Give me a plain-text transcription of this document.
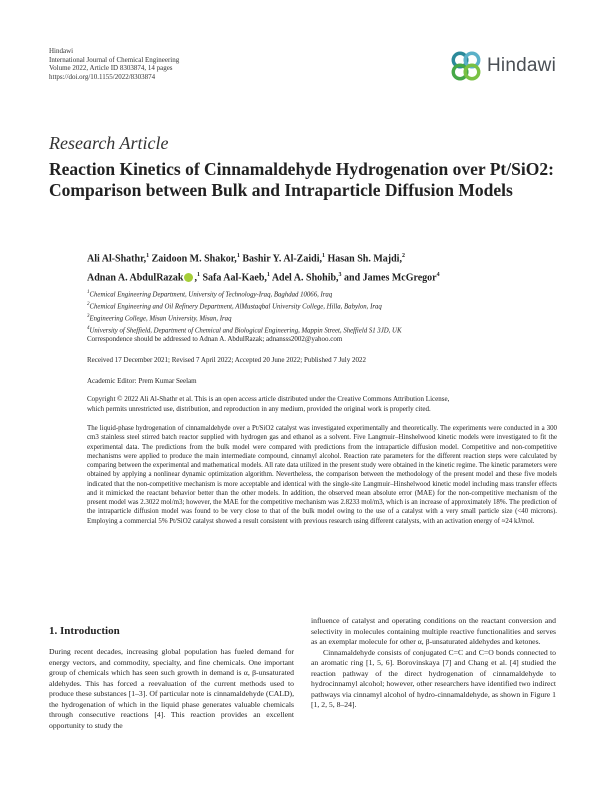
Hindawi
International Journal of Chemical Engineering
Volume 2022, Article ID 8303874, 14 pages
https://doi.org/10.1155/2022/8303874
Hindawi
Research Article
Reaction Kinetics of Cinnamaldehyde Hydrogenation over Pt/SiO2: Comparison between Bulk and Intraparticle Diffusion Models
Ali Al-Shathr,$^1$ Zaidoon M. Shakor,$^1$ Bashir Y. Al-Zaidi,$^1$ Hasan Sh. Majdi,$^2$
Adnan A. AbdulRazak ,$^1$ Safa Aal-Kaeb,$^1$ Adel A. Shohib,$^3$ and James McGregor$^4$
$^1$Chemical Engineering Department, University of Technology-Iraq, Baghdad 10066, Iraq
$^2$Chemical Engineering and Oil Refinery Department, AlMustaqbal University College, Hilla, Babylon, Iraq
$^3$Engineering College, Misan University, Misan, Iraq
$^4$University of Sheffield, Department of Chemical and Biological Engineering, Mappin Street, Sheffield S1 3JD, UK
Correspondence should be addressed to Adnan A. AbdulRazak; adnansss2002@yahoo.com
Received 17 December 2021; Revised 7 April 2022; Accepted 20 June 2022; Published 7 July 2022
Academic Editor: Prem Kumar Seelam
Copyright © 2022 Ali Al-Shathr et al. This is an open access article distributed under the Creative Commons Attribution License,
which permits unrestricted use, distribution, and reproduction in any medium, provided the original work is properly cited.
The liquid-phase hydrogenation of cinnamaldehyde over a Pt/SiO2 catalyst was investigated experimentally and theoretically. The experiments were conducted in a 300 cm3 stainless steel stirred batch reactor supplied with hydrogen gas and ethanol as a solvent. Five Langmuir–Hinshelwood kinetic models were investigated to fit the experimental data. The predictions from the bulk model were compared with predictions from the intraparticle diffusion model. Competitive and non-competitive mechanisms were applied to produce the main intermediate compound, cinnamyl alcohol. Reaction rate parameters for the different reaction steps were calculated by comparing between the experimental and mathematical models. All rate data utilized in the present study were obtained in the kinetic regime. The kinetic parameters were obtained by applying a nonlinear dynamic optimization algorithm. Nevertheless, the comparison between the methodology of the present model and these five models indicated that the non-competitive mechanism is more acceptable and identical with the single-site Langmuir–Hinshelwood kinetic model including mass transfer effects and it mimicked the reactant behavior better than the other models. In addition, the observed mean absolute error (MAE) for the non-competitive mechanism of the present model was 2.3022 mol/m3; however, the MAE for the competitive mechanism was 2.8233 mol/m3, which is an increase of approximately 18%. The prediction of the intraparticle diffusion model was found to be very close to that of the bulk model owing to the use of a catalyst with a very small particle size (<40 microns). Employing a commercial 5% Pt/SiO2 catalyst showed a result consistent with previous research using different catalysts, with an activation energy of ≈24 kJ/mol.
1. Introduction

During recent decades, increasing global population has fueled demand for energy vectors, and commodity, specialty, and fine chemicals. One important group of chemicals which has seen such growth in demand is α, β-unsaturated aldehydes. This has forced a reevaluation of the current methods used to produce these substances [1–3]. Of particular note is cinnamaldehyde (CALD), the hydrogenation of which in the liquid phase generates valuable chemicals through consecutive reactions [4]. This reaction provides an excellent opportunity to study the

influence of catalyst and operating conditions on the reactant conversion and selectivity in molecules containing multiple reactive functionalities and serves as an exemplar molecule for other α, β-unsaturated aldehydes and ketones.

Cinnamaldehyde consists of conjugated C=C and C=O bonds connected to an aromatic ring [1, 5, 6]. Borovinskaya [7] and Chang et al. [4] studied the reaction pathway of the direct hydrogenation of cinnamaldehyde to hydrocinnamyl alcohol; however, other researchers have identified two indirect pathways via cinnamyl alcohol of hydro-cinnamaldehyde, as shown in Figure 1 [1, 2, 5, 8–24].
